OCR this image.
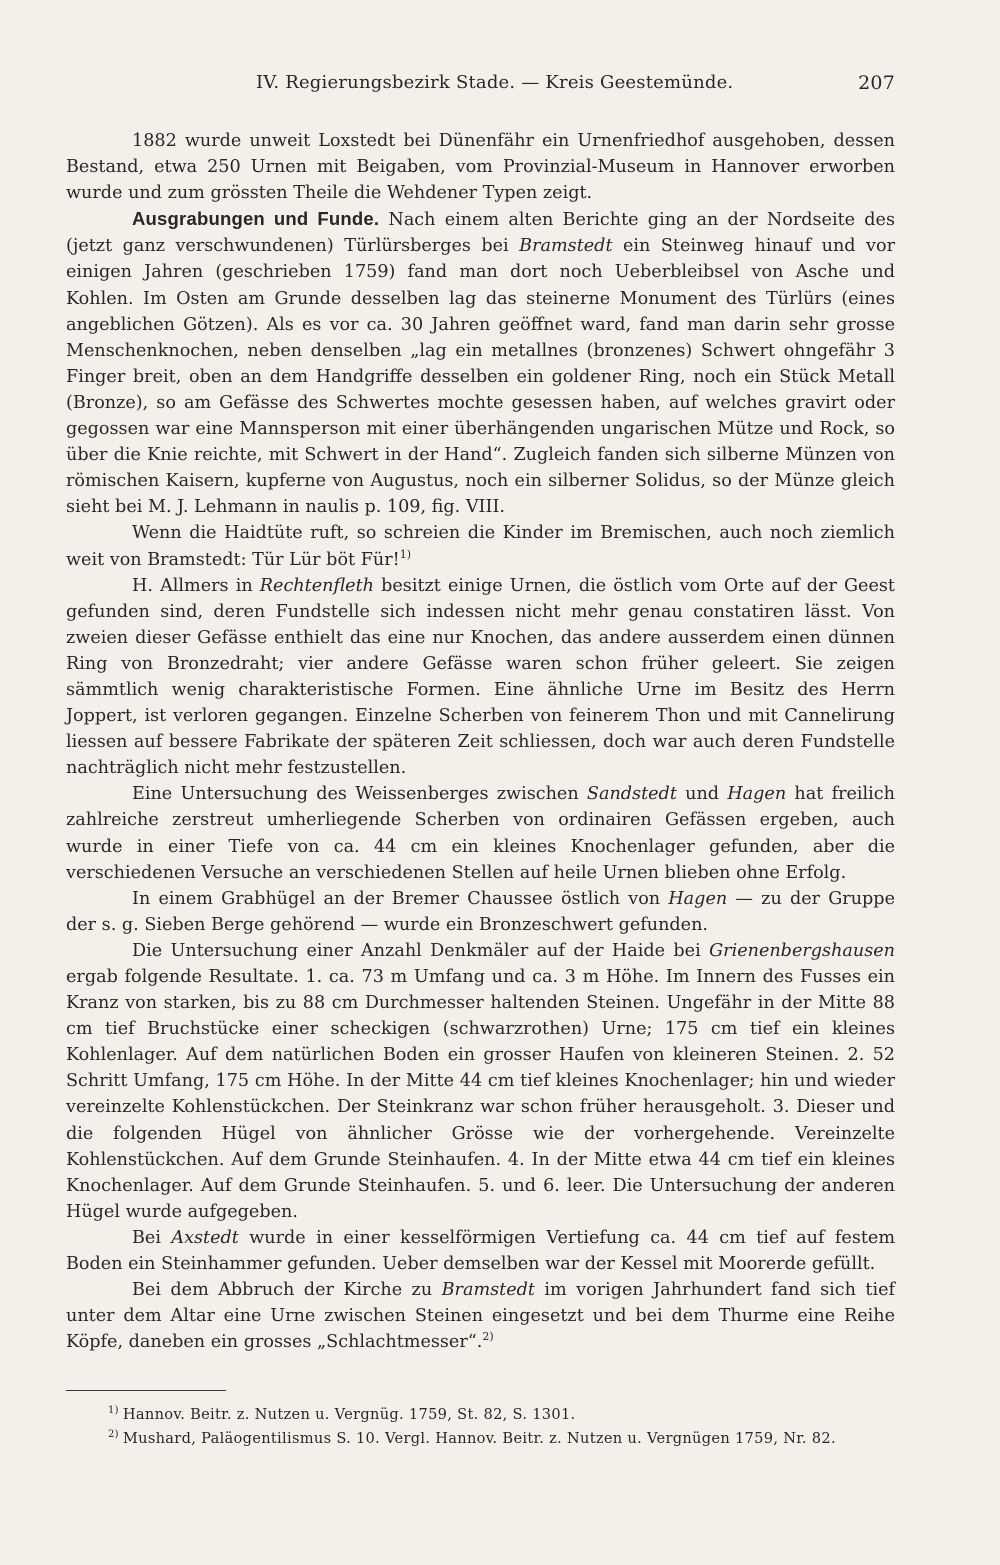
IV. Regierungsbezirk Stade. — Kreis Geestemünde.	207

1882 wurde unweit Loxstedt bei Dünenfähr ein Urnenfriedhof ausgehoben, dessen Bestand, etwa 250 Urnen mit Beigaben, vom Provinzial-Museum in Hannover erworben wurde und zum grössten Theile die Wehdener Typen zeigt.

Ausgrabungen und Funde. Nach einem alten Berichte ging an der Nordseite des (jetzt ganz verschwundenen) Türlürsberges bei Bramstedt ein Steinweg hinauf und vor einigen Jahren (geschrieben 1759) fand man dort noch Ueberbleibsel von Asche und Kohlen. Im Osten am Grunde desselben lag das steinerne Monument des Türlürs (eines angeblichen Götzen). Als es vor ca. 30 Jahren geöffnet ward, fand man darin sehr grosse Menschenknochen, neben denselben „lag ein metallnes (bronzenes) Schwert ohngefähr 3 Finger breit, oben an dem Handgriffe desselben ein goldener Ring, noch ein Stück Metall (Bronze), so am Gefässe des Schwertes mochte gesessen haben, auf welches gravirt oder gegossen war eine Mannsperson mit einer überhängenden ungarischen Mütze und Rock, so über die Knie reichte, mit Schwert in der Hand“. Zugleich fanden sich silberne Münzen von römischen Kaisern, kupferne von Augustus, noch ein silberner Solidus, so der Münze gleich sieht bei M. J. Lehmann in naulis p. 109, fig. VIII.

Wenn die Haidtüte ruft, so schreien die Kinder im Bremischen, auch noch ziemlich weit von Bramstedt: Tür Lür böt Für!$^{1)}$

H. Allmers in Rechtenfleth besitzt einige Urnen, die östlich vom Orte auf der Geest gefunden sind, deren Fundstelle sich indessen nicht mehr genau constatiren lässt. Von zweien dieser Gefässe enthielt das eine nur Knochen, das andere ausserdem einen dünnen Ring von Bronzedraht; vier andere Gefässe waren schon früher geleert. Sie zeigen sämmtlich wenig charakteristische Formen. Eine ähnliche Urne im Besitz des Herrn Joppert, ist verloren gegangen. Einzelne Scherben von feinerem Thon und mit Cannelirung liessen auf bessere Fabrikate der späteren Zeit schliessen, doch war auch deren Fundstelle nachträglich nicht mehr festzustellen.

Eine Untersuchung des Weissenberges zwischen Sandstedt und Hagen hat freilich zahlreiche zerstreut umherliegende Scherben von ordinairen Gefässen ergeben, auch wurde in einer Tiefe von ca. 44 cm ein kleines Knochenlager gefunden, aber die verschiedenen Versuche an verschiedenen Stellen auf heile Urnen blieben ohne Erfolg.

In einem Grabhügel an der Bremer Chaussee östlich von Hagen — zu der Gruppe der s. g. Sieben Berge gehörend — wurde ein Bronzeschwert gefunden.

Die Untersuchung einer Anzahl Denkmäler auf der Haide bei Grienenbergshausen ergab folgende Resultate. 1. ca. 73 m Umfang und ca. 3 m Höhe. Im Innern des Fusses ein Kranz von starken, bis zu 88 cm Durchmesser haltenden Steinen. Ungefähr in der Mitte 88 cm tief Bruchstücke einer scheckigen (schwarzrothen) Urne; 175 cm tief ein kleines Kohlenlager. Auf dem natürlichen Boden ein grosser Haufen von kleineren Steinen. 2. 52 Schritt Umfang, 175 cm Höhe. In der Mitte 44 cm tief kleines Knochenlager; hin und wieder vereinzelte Kohlenstückchen. Der Steinkranz war schon früher herausgeholt. 3. Dieser und die folgenden Hügel von ähnlicher Grösse wie der vorhergehende. Vereinzelte Kohlenstückchen. Auf dem Grunde Steinhaufen. 4. In der Mitte etwa 44 cm tief ein kleines Knochenlager. Auf dem Grunde Steinhaufen. 5. und 6. leer. Die Untersuchung der anderen Hügel wurde aufgegeben.

Bei Axstedt wurde in einer kesselförmigen Vertiefung ca. 44 cm tief auf festem Boden ein Steinhammer gefunden. Ueber demselben war der Kessel mit Moorerde gefüllt.

Bei dem Abbruch der Kirche zu Bramstedt im vorigen Jahrhundert fand sich tief unter dem Altar eine Urne zwischen Steinen eingesetzt und bei dem Thurme eine Reihe Köpfe, daneben ein grosses „Schlachtmesser“.$^{2)}$

$^{1)}$ Hannov. Beitr. z. Nutzen u. Vergnüg. 1759, St. 82, S. 1301.
$^{2)}$ Mushard, Paläogentilismus S. 10. Vergl. Hannov. Beitr. z. Nutzen u. Vergnügen 1759, Nr. 82.
